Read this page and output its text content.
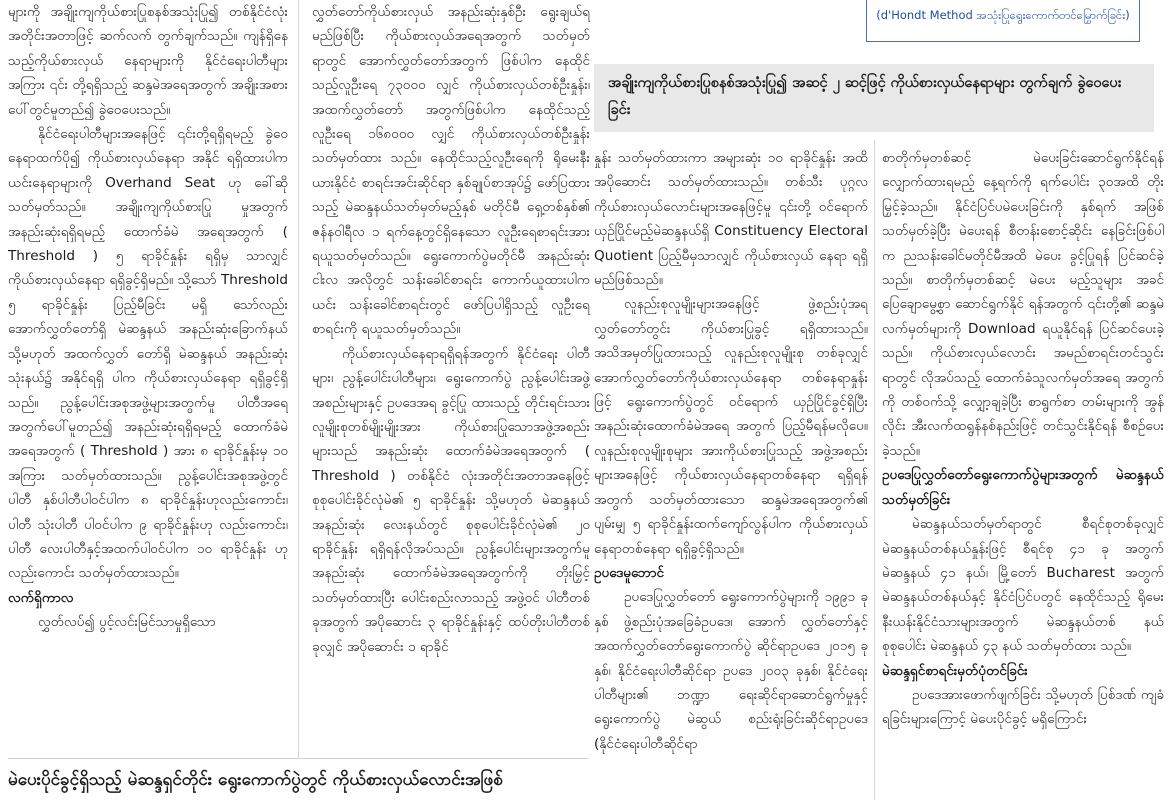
များကို အချိုးကျကိုယ်စားပြုစနစ်အသုံးပြု၍ တစ်နိုင်ငံလုံး အတိုင်းအတာဖြင့် ဆက်လက် တွက်ချက်သည်။ ကျန်ရှိနေသည့်ကိုယ်စားလှယ် နေရာများကို နိုင်ငံရေးပါတီများအကြား ၎င်း တို့ရရှိသည့် ဆန္ဒမဲအရေအတွက် အချိုးအစား ပေါ်တွင်မူတည်၍ ခွဲဝေပေးသည်။

နိုင်ငံရေးပါတီများအနေဖြင့် ၎င်းတို့ရရှိရမည့် ခွဲဝေနေရာထက်ပို၍ ကိုယ်စားလှယ်နေရာ အနိုင် ရရှိထားပါက ယင်းနေရာများကို Overhand Seat ဟု ခေါ်ဆိုသတ်မှတ်သည်။ အချိုးကျကိုယ်စားပြု မှုအတွက် အနည်းဆုံးရရှိရမည့် ထောက်ခံမဲ အရေအတွက် ( Threshold ) ၅ ရာခိုင်နှုန်း ရရှိမှ သာလျှင် ကိုယ်စားလှယ်နေရာ ရရှိခွင့်ရှိမည်။ သို့သော် Threshold ၅ ရာခိုင်နှုန်း ပြည့်မီခြင်း မရှိ သော်လည်း အောက်လွှတ်တော်ရှိ မဲဆန္ဒနယ် အနည်းဆုံးခြောက်နယ် သို့မဟုတ် အထက်လွှတ် တော်ရှိ မဲဆန္ဒနယ် အနည်းဆုံးသုံးနယ်၌ အနိုင်ရရှိ ပါက ကိုယ်စားလှယ်နေရာ ရရှိခွင့်ရှိသည်။ ညွန့်ပေါင်းအစုအဖွဲ့များအတွက်မူ ပါတီအရေ အတွက်ပေါ်မူတည်၍ အနည်းဆုံးရရှိရမည့် ထောက်ခံမဲအရေအတွက် ( Threshold ) အား ၈ ရာခိုင်နှုန်းမှ ၁၀ အကြား သတ်မှတ်ထားသည်။ ညွန့်ပေါင်းအစုအဖွဲ့တွင် ပါတီ နှစ်ပါတီပါဝင်ပါက ၈ ရာခိုင်နှုန်းဟုလည်းကောင်း၊ ပါတီ သုံးပါတီ ပါဝင်ပါက ၉ ရာခိုင်နှုန်းဟု လည်းကောင်း၊ ပါတီ လေးပါတီနှင့်အထက်ပါဝင်ပါက ၁၀ ရာခိုင်နှုန်း ဟုလည်းကောင်း သတ်မှတ်ထားသည်။

လက်ရှိကာလ

လွှတ်လပ်၍ ပွင့်လင်းမြင်သာမှုရှိသော

လွှတ်တော်ကိုယ်စားလှယ် အနည်းဆုံးနှစ်ဦး ရွေးချယ်ရမည်ဖြစ်ပြီး ကိုယ်စားလှယ်အရေအတွက် သတ်မှတ်ရာတွင် အောက်လွှတ်တော်အတွက် ဖြစ်ပါက နေထိုင်သည့်လူဦးရေ ၇၃၀၀၀ လျှင် ကိုယ်စားလှယ်တစ်ဦးနှုန်း၊ အထက်လွှတ်တော် အတွက်ဖြစ်ပါက နေထိုင်သည့်လူဦးရေ ၁၆၈၀၀၀ လျှင် ကိုယ်စားလှယ်တစ်ဦးနှုန်း သတ်မှတ်ထား သည်။ နေထိုင်သည့်လူဦးရေကို ရိုမေးနီးယားနိုင်ငံ စာရင်းအင်းဆိုင်ရာ နှစ်ချုပ်စာအုပ်၌ ဖော်ပြထား သည့် မဲဆန္ဒနယ်သတ်မှတ်မည့်နှစ် မတိုင်မီ ရှေ့တစ်နှစ်၏ ဇန်နဝါရီလ ၁ ရက်နေ့တွင်ရှိနေသော လူဦးရေစာရင်းအား ရယူသတ်မှတ်သည်။ ရွေးကောက်ပွဲမတိုင်မီ အနည်းဆုံး ငါးလ အလိုတွင် သန်းခေါင်စာရင်း ကောက်ယူထားပါက ယင်း သန်းခေါင်စာရင်းတွင် ဖော်ပြပါရှိသည့် လူဦးရေ စာရင်းကို ရယူသတ်မှတ်သည်။

ကိုယ်စားလှယ်နေရာရရှိရန်အတွက် နိုင်ငံရေး ပါတီများ၊ ညွန့်ပေါင်းပါတီများ၊ ရွေးကောက်ပွဲ ညွန့်ပေါင်းအဖွဲ့အစည်းများနှင့် ဥပဒေအရ ခွင့်ပြု ထားသည့် တိုင်းရင်းသားလူမျိုးစုတစ်မျိုးမျိုးအား ကိုယ်စားပြုသောအဖွဲ့အစည်းများသည် အနည်းဆုံး ထောက်ခံမဲအရေအတွက် ( Threshold ) တစ်နိုင်ငံ လုံးအတိုင်းအတာအနေဖြင့် စုစုပေါင်းခိုင်လုံမဲ၏ ၅ ရာခိုင်နှုန်း သို့မဟုတ် မဲဆန္ဒနယ် အနည်းဆုံး လေးနယ်တွင် စုစုပေါင်းခိုင်လုံမဲ၏ ၂၀ ရာခိုင်နှုန်း ရရှိရန်လိုအပ်သည်။ ညွန့်ပေါင်းများအတွက်မူ အနည်းဆုံး ထောက်ခံမဲအရေအတွက်ကို တိုးမြှင့် သတ်မှတ်ထားပြီး ပေါင်းစည်းလာသည့် အဖွဲ့ဝင် ပါတီတစ်ခုအတွက် အပိုဆောင်း ၃ ရာခိုင်နှုန်းနှင့် ထပ်တိုးပါတီတစ်ခုလျှင် အပိုဆောင်း ၁ ရာခိုင်

(d'Hondt Method အသုံးပြုရွေးကောက်တင်မြှောက်ခြင်း)
အချိုးကျကိုယ်စားပြုစနစ်အသုံးပြု၍ အဆင့် ၂ ဆင့်ဖြင့် ကိုယ်စားလှယ်နေရာများ တွက်ချက် ခွဲဝေပေးခြင်း

နှုန်း သတ်မှတ်ထားကာ အများဆုံး ၁၀ ရာခိုင်နှုန်း အထိ အပိုဆောင်း သတ်မှတ်ထားသည်။ တစ်သီး ပုဂ္ဂလကိုယ်စားလှယ်လောင်းများအနေဖြင့်မူ ၎င်းတို့ ဝင်ရောက်ယှဉ်ပြိုင်မည့်မဲဆန္ဒနယ်ရှိ Constituency Electoral Quotient ပြည့်မီမှသာလျှင် ကိုယ်စားလှယ် နေရာ ရရှိမည်ဖြစ်သည်။

လူနည်းစုလူမျိုးများအနေဖြင့် ဖွဲ့စည်းပုံအရ လွှတ်တော်တွင်း ကိုယ်စားပြုခွင့် ရရှိထားသည်။ အသိအမှတ်ပြုထားသည့် လူနည်းစုလူမျိုးစု တစ်ခုလျှင် အောက်လွှတ်တော်ကိုယ်စားလှယ်နေရာ တစ်နေရာနှုန်းဖြင့် ရွေးကောက်ပွဲတွင် ဝင်ရောက် ယှဉ်ပြိုင်ခွင့်ရှိပြီး အနည်းဆုံးထောက်ခံမဲအရေ အတွက် ပြည့်မီရန်မလိုပေ။ လူနည်းစုလူမျိုးစုများ အားကိုယ်စားပြုသည့် အဖွဲ့အစည်းများအနေဖြင့် ကိုယ်စားလှယ်နေရာတစ်နေရာ ရရှိရန်အတွက် သတ်မှတ်ထားသော ဆန္ဒမဲအရေအတွက်၏ ပျမ်းမျှ ၅ ရာခိုင်နှုန်းထက်ကျော်လွန်ပါက ကိုယ်စားလှယ် နေရာတစ်နေရာ ရရှိခွင့်ရှိသည်။

ဥပဒေမူဘောင်

ဥပဒေပြုလွှတ်တော် ရွေးကောက်ပွဲများကို ၁၉၉၁ ခုနှစ် ဖွဲ့စည်းပုံအခြေခံဥပဒေ၊ အောက် လွှတ်တော်နှင့် အထက်လွှတ်တော်ရွေးကောက်ပွဲ ဆိုင်ရာဥပဒေ ၂၀၁၅ ခုနှစ်၊ နိုင်ငံရေးပါတီဆိုင်ရာ ဥပဒေ ၂၀၀၃ ခုနှစ်၊ နိုင်ငံရေးပါတီများ၏ ဘဏ္ဍာ ရေးဆိုင်ရာဆောင်ရွက်မှုနှင့် ရွေးကောက်ပွဲ မဲဆွယ် စည်းရုံးခြင်းဆိုင်ရာဥပဒေ (နိုင်ငံရေးပါတီဆိုင်ရာ

စာတိုက်မှတစ်ဆင့် မဲပေးခြင်းဆောင်ရွက်နိုင်ရန် လျှောက်ထားရမည့် နေ့ရက်ကို ရက်ပေါင်း ၃၀အထိ တိုးမြှင့်ခဲ့သည်။ နိုင်ငံပြင်ပမဲပေးခြင်းကို နှစ်ရက် အဖြစ် သတ်မှတ်ခဲ့ပြီး မဲပေးရန် စီတန်းစောင့်ဆိုင်း နေခြင်းဖြစ်ပါက ညသန်းခေါင်မတိုင်မီအထိ မဲပေး ခွင့်ပြုရန် ပြင်ဆင်ခဲ့သည်။ စာတိုက်မှတစ်ဆင့် မဲပေး မည့်သူများ အခင်ပြေချောမွေ့စွာ ဆောင်ရွက်နိုင် ရန်အတွက် ၎င်းတို့၏ ဆန္ဒမဲလက်မှတ်များကို Download ရယူနိုင်ရန် ပြင်ဆင်ပေးခဲ့သည်။ ကိုယ်စားလှယ်လောင်း အမည်စာရင်းတင်သွင်း ရာတွင် လိုအပ်သည့် ထောက်ခံသူလက်မှတ်အရေ အတွက်ကို တစ်ဝက်သို့ လျှော့ချခဲ့ပြီး စာရွက်စာ တမ်းများကို အွန်လိုင်း အီးလက်ထရွန်နစ်နည်းဖြင့် တင်သွင်းနိုင်ရန် စီစဉ်ပေးခဲ့သည်။

ဥပဒေပြုလွှတ်တော်ရွေးကောက်ပွဲများအတွက် မဲဆန္ဒနယ်သတ်မှတ်ခြင်း

မဲဆန္ဒနယ်သတ်မှတ်ရာတွင် စီရင်စုတစ်ခုလျှင် မဲဆန္ဒနယ်တစ်နယ်နှုန်းဖြင့် စီရင်စု ၄၁ ခု အတွက် မဲဆန္ဒနယ် ၄၁ နယ်၊ မြို့တော် Bucharest အတွက် မဲဆန္ဒနယ်တစ်နယ်နှင့် နိုင်ငံပြင်ပတွင် နေထိုင်သည့် ရိုမေးနီးယန်းနိုင်ငံသားများအတွက် မဲဆန္ဒနယ်တစ် နယ် စုစုပေါင်း မဲဆန္ဒနယ် ၄၃ နယ် သတ်မှတ်ထား သည်။

မဲဆန္ဒရှင်စာရင်းမှတ်ပုံတင်ခြင်း

ဥပဒေအားဖောက်ဖျက်ခြင်း သို့မဟုတ် ပြစ်ဒဏ် ကျခံရခြင်းများကြောင့် မဲပေးပိုင်ခွင့် မရှိကြောင်း

မဲပေးပိုင်ခွင့်ရှိသည့် မဲဆန္ဒရှင်တိုင်း ရွေးကောက်ပွဲတွင် ကိုယ်စားလှယ်လောင်းအဖြစ်
